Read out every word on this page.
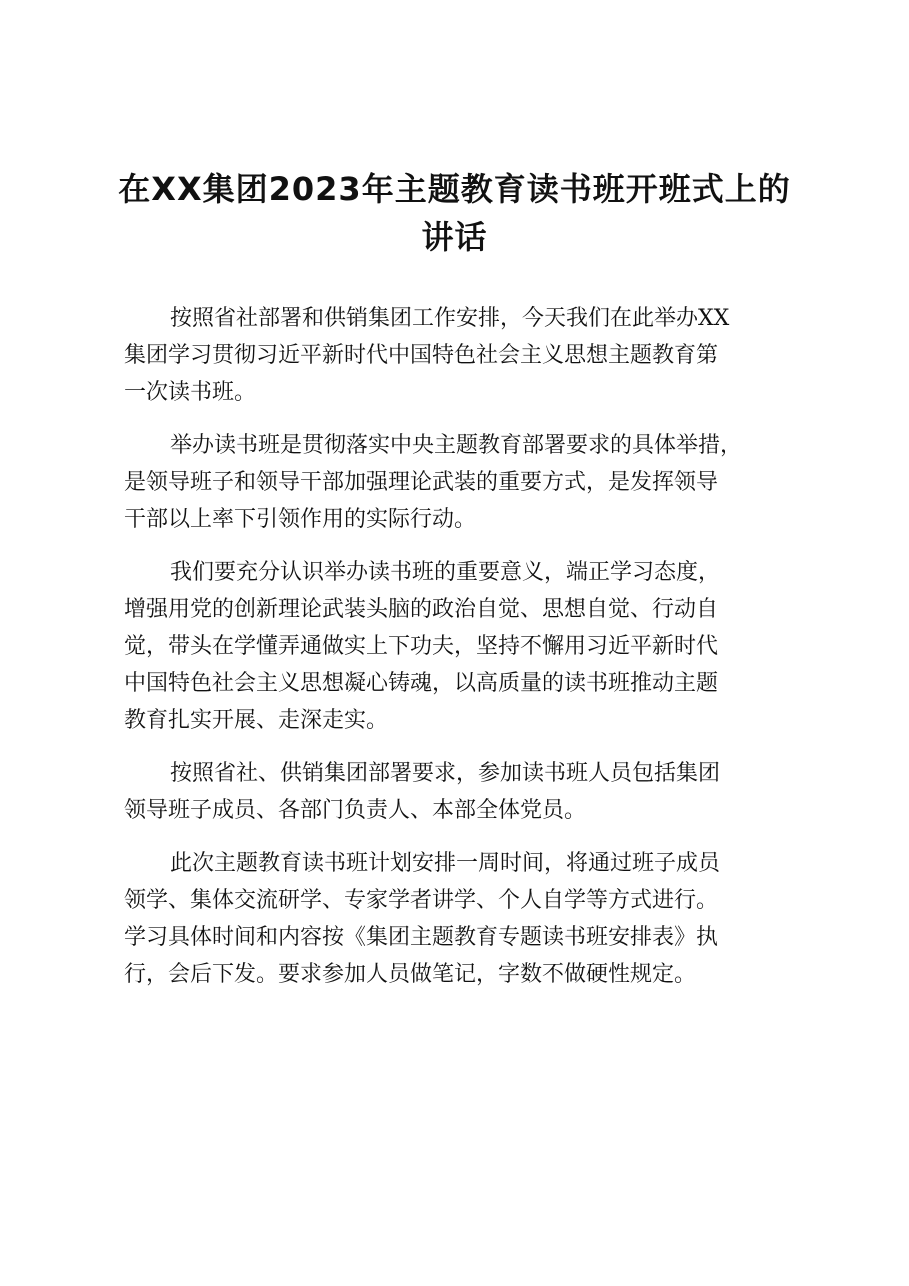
在XX集团2023年主题教育读书班开班式上的
讲话

按照省社部署和供销集团工作安排，今天我们在此举办XX
集团学习贯彻习近平新时代中国特色社会主义思想主题教育第
一次读书班。

举办读书班是贯彻落实中央主题教育部署要求的具体举措，
是领导班子和领导干部加强理论武装的重要方式，是发挥领导
干部以上率下引领作用的实际行动。

我们要充分认识举办读书班的重要意义，端正学习态度，
增强用党的创新理论武装头脑的政治自觉、思想自觉、行动自
觉，带头在学懂弄通做实上下功夫，坚持不懈用习近平新时代
中国特色社会主义思想凝心铸魂，以高质量的读书班推动主题
教育扎实开展、走深走实。

按照省社、供销集团部署要求，参加读书班人员包括集团
领导班子成员、各部门负责人、本部全体党员。

此次主题教育读书班计划安排一周时间，将通过班子成员
领学、集体交流研学、专家学者讲学、个人自学等方式进行。
学习具体时间和内容按《集团主题教育专题读书班安排表》执
行，会后下发。要求参加人员做笔记，字数不做硬性规定。
